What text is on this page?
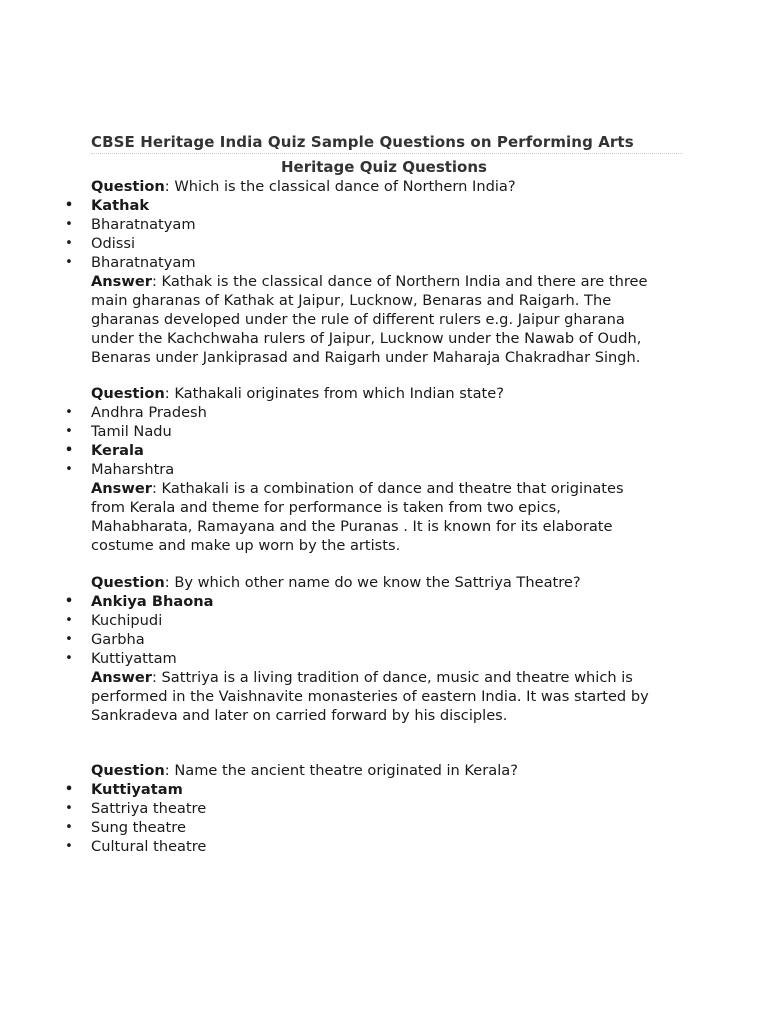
CBSE Heritage India Quiz Sample Questions on Performing Arts
Heritage Quiz Questions
Question: Which is the classical dance of Northern India?
• Kathak
• Bharatnatyam
• Odissi
• Bharatnatyam
Answer: Kathak is the classical dance of Northern India and there are three
main gharanas of Kathak at Jaipur, Lucknow, Benaras and Raigarh. The
gharanas developed under the rule of different rulers e.g. Jaipur gharana
under the Kachchwaha rulers of Jaipur, Lucknow under the Nawab of Oudh,
Benaras under Jankiprasad and Raigarh under Maharaja Chakradhar Singh.
Question: Kathakali originates from which Indian state?
• Andhra Pradesh
• Tamil Nadu
• Kerala
• Maharshtra
Answer: Kathakali is a combination of dance and theatre that originates
from Kerala and theme for performance is taken from two epics,
Mahabharata, Ramayana and the Puranas . It is known for its elaborate
costume and make up worn by the artists.
Question: By which other name do we know the Sattriya Theatre?
• Ankiya Bhaona
• Kuchipudi
• Garbha
• Kuttiyattam
Answer: Sattriya is a living tradition of dance, music and theatre which is
performed in the Vaishnavite monasteries of eastern India. It was started by
Sankradeva and later on carried forward by his disciples.
Question: Name the ancient theatre originated in Kerala?
• Kuttiyatam
• Sattriya theatre
• Sung theatre
• Cultural theatre
